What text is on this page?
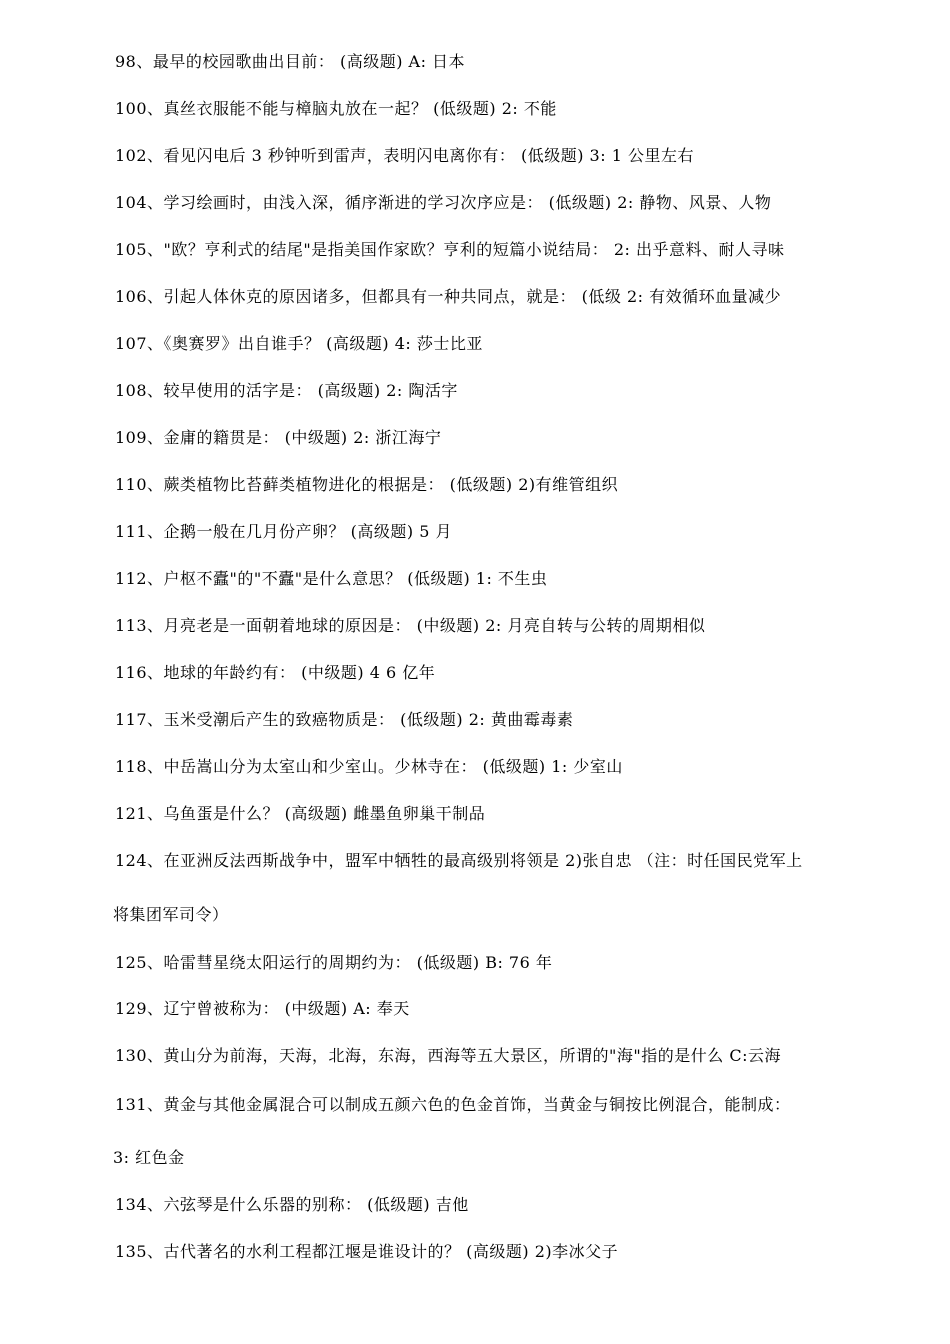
98、最早的校园歌曲出目前： (高级题) A: 日本
100、真丝衣服能不能与樟脑丸放在一起？ (低级题) 2: 不能
102、看见闪电后 3 秒钟听到雷声，表明闪电离你有： (低级题) 3: 1 公里左右
104、学习绘画时，由浅入深，循序渐进的学习次序应是： (低级题) 2: 静物、风景、人物
105、"欧？亨利式的结尾"是指美国作家欧？亨利的短篇小说结局： 2: 出乎意料、耐人寻味
106、引起人体休克的原因诸多，但都具有一种共同点，就是： (低级 2: 有效循环血量减少
107、《奥赛罗》出自谁手？ (高级题) 4: 莎士比亚
108、较早使用的活字是： (高级题) 2: 陶活字
109、金庸的籍贯是： (中级题) 2: 浙江海宁
110、蕨类植物比苔藓类植物进化的根据是： (低级题) 2)有维管组织
111、企鹅一般在几月份产卵？ (高级题) 5 月
112、户枢不蠹"的"不蠹"是什么意思？ (低级题) 1: 不生虫
113、月亮老是一面朝着地球的原因是： (中级题) 2: 月亮自转与公转的周期相似
116、地球的年龄约有： (中级题) 4 6 亿年
117、玉米受潮后产生的致癌物质是： (低级题) 2: 黄曲霉毒素
118、中岳嵩山分为太室山和少室山。少林寺在： (低级题) 1: 少室山
121、乌鱼蛋是什么？ (高级题) 雌墨鱼卵巢干制品
124、在亚洲反法西斯战争中，盟军中牺牲的最高级别将领是 2)张自忠 （注：时任国民党军上
将集团军司令）
125、哈雷彗星绕太阳运行的周期约为： (低级题) B: 76 年
129、辽宁曾被称为： (中级题) A: 奉天
130、黄山分为前海，天海，北海，东海，西海等五大景区，所谓的"海"指的是什么 C:云海
131、黄金与其他金属混合可以制成五颜六色的色金首饰，当黄金与铜按比例混合，能制成：
3: 红色金
134、六弦琴是什么乐器的别称： (低级题) 吉他
135、古代著名的水利工程都江堰是谁设计的？ (高级题) 2)李冰父子
